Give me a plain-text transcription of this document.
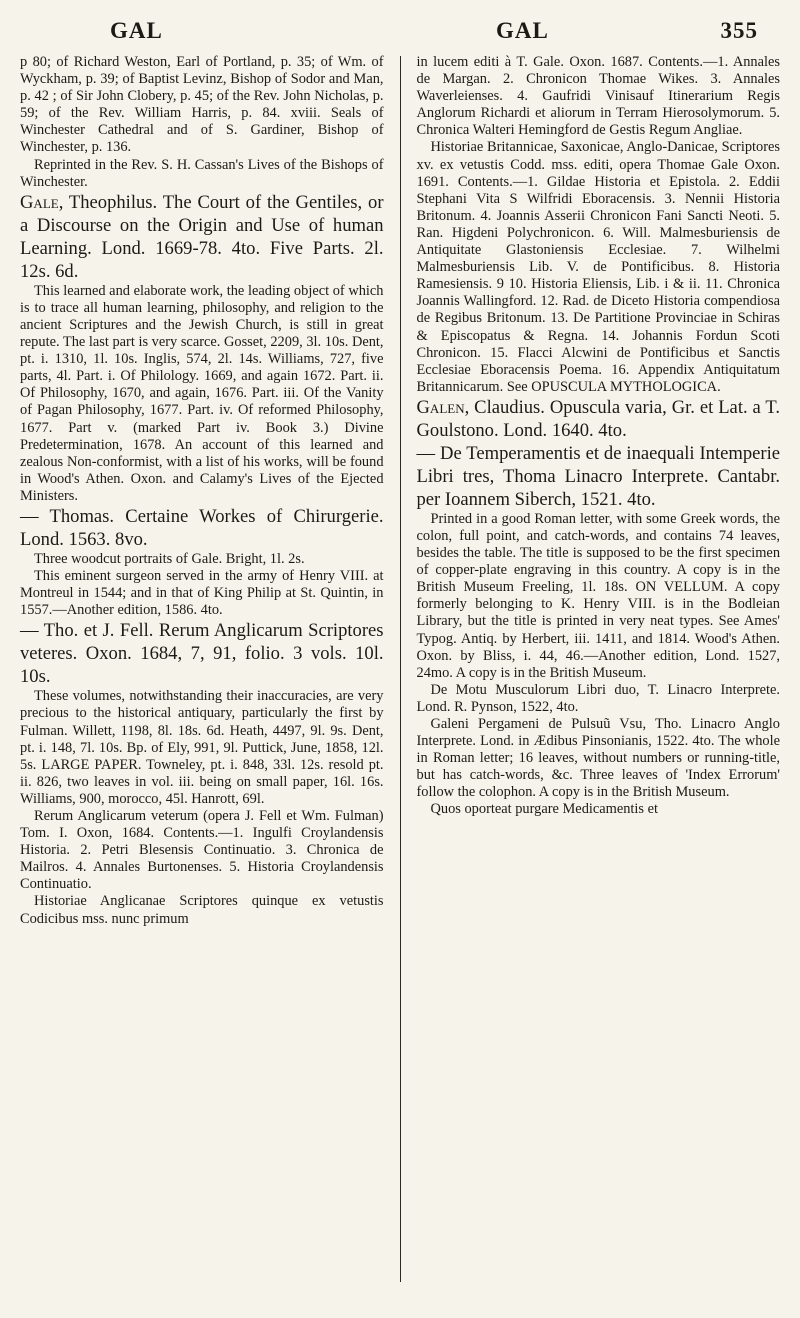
GAL	GAL	355

p 80; of Richard Weston, Earl of Portland, p. 35; of Wm. of Wyckham, p. 39; of Baptist Levinz, Bishop of Sodor and Man, p. 42 ; of Sir John Clobery, p. 45; of the Rev. John Nicholas, p. 59; of the Rev. William Harris, p. 84. xviii. Seals of Winchester Cathedral and of S. Gardiner, Bishop of Winchester, p. 136.

Reprinted in the Rev. S. H. Cassan's Lives of the Bishops of Winchester.

Gale, Theophilus. The Court of the Gentiles, or a Discourse on the Origin and Use of human Learning. Lond. 1669-78. 4to. Five Parts. 2l. 12s. 6d.

This learned and elaborate work, the leading object of which is to trace all human learning, philosophy, and religion to the ancient Scriptures and the Jewish Church, is still in great repute. The last part is very scarce. Gosset, 2209, 3l. 10s. Dent, pt. i. 1310, 1l. 10s. Inglis, 574, 2l. 14s. Williams, 727, five parts, 4l. Part. i. Of Philology. 1669, and again 1672. Part. ii. Of Philosophy, 1670, and again, 1676. Part. iii. Of the Vanity of Pagan Philosophy, 1677. Part. iv. Of reformed Philosophy, 1677. Part v. (marked Part iv. Book 3.) Divine Predetermination, 1678. An account of this learned and zealous Non-conformist, with a list of his works, will be found in Wood's Athen. Oxon. and Calamy's Lives of the Ejected Ministers.

— Thomas. Certaine Workes of Chirurgerie. Lond. 1563. 8vo.

Three woodcut portraits of Gale. Bright, 1l. 2s.

This eminent surgeon served in the army of Henry VIII. at Montreul in 1544; and in that of King Philip at St. Quintin, in 1557.—Another edition, 1586. 4to.

— Tho. et J. Fell. Rerum Anglicarum Scriptores veteres. Oxon. 1684, 7, 91, folio. 3 vols. 10l. 10s.

These volumes, notwithstanding their inaccuracies, are very precious to the historical antiquary, particularly the first by Fulman. Willett, 1198, 8l. 18s. 6d. Heath, 4497, 9l. 9s. Dent, pt. i. 148, 7l. 10s. Bp. of Ely, 991, 9l. Puttick, June, 1858, 12l. 5s. LARGE PAPER. Towneley, pt. i. 848, 33l. 12s. resold pt. ii. 826, two leaves in vol. iii. being on small paper, 16l. 16s. Williams, 900, morocco, 45l. Hanrott, 69l.

Rerum Anglicarum veterum (opera J. Fell et Wm. Fulman) Tom. I. Oxon, 1684. Contents.—1. Ingulfi Croylandensis Historia. 2. Petri Blesensis Continuatio. 3. Chronica de Mailros. 4. Annales Burtonenses. 5. Historia Croylandensis Continuatio.

Historiae Anglicanae Scriptores quinque ex vetustis Codicibus mss. nunc primum

in lucem editi à T. Gale. Oxon. 1687. Contents.—1. Annales de Margan. 2. Chronicon Thomae Wikes. 3. Annales Waverleienses. 4. Gaufridi Vinisauf Itinerarium Regis Anglorum Richardi et aliorum in Terram Hierosolymorum. 5. Chronica Walteri Hemingford de Gestis Regum Angliae.

Historiae Britannicae, Saxonicae, Anglo-Danicae, Scriptores xv. ex vetustis Codd. mss. editi, opera Thomae Gale Oxon. 1691. Contents.—1. Gildae Historia et Epistola. 2. Eddii Stephani Vita S Wilfridi Eboracensis. 3. Nennii Historia Britonum. 4. Joannis Asserii Chronicon Fani Sancti Neoti. 5. Ran. Higdeni Polychronicon. 6. Will. Malmesburiensis de Antiquitate Glastoniensis Ecclesiae. 7. Wilhelmi Malmesburiensis Lib. V. de Pontificibus. 8. Historia Ramesiensis. 9 10. Historia Eliensis, Lib. i & ii. 11. Chronica Joannis Wallingford. 12. Rad. de Diceto Historia compendiosa de Regibus Britonum. 13. De Partitione Provinciae in Schiras & Episcopatus & Regna. 14. Johannis Fordun Scoti Chronicon. 15. Flacci Alcwini de Pontificibus et Sanctis Ecclesiae Eboracensis Poema. 16. Appendix Antiquitatum Britannicarum. See OPUSCULA MYTHOLOGICA.

Galen, Claudius. Opuscula varia, Gr. et Lat. a T. Goulstono. Lond. 1640. 4to.

— De Temperamentis et de inaequali Intemperie Libri tres, Thoma Linacro Interprete. Cantabr. per Ioannem Siberch, 1521. 4to.

Printed in a good Roman letter, with some Greek words, the colon, full point, and catch-words, and contains 74 leaves, besides the table. The title is supposed to be the first specimen of copper-plate engraving in this country. A copy is in the British Museum Freeling, 1l. 18s. ON VELLUM. A copy formerly belonging to K. Henry VIII. is in the Bodleian Library, but the title is printed in very neat types. See Ames' Typog. Antiq. by Herbert, iii. 1411, and 1814. Wood's Athen. Oxon. by Bliss, i. 44, 46.—Another edition, Lond. 1527, 24mo. A copy is in the British Museum.

De Motu Musculorum Libri duo, T. Linacro Interprete. Lond. R. Pynson, 1522, 4to.

Galeni Pergameni de Pulsuũ Vsu, Tho. Linacro Anglo Interprete. Lond. in Ædibus Pinsonianis, 1522. 4to. The whole in Roman letter; 16 leaves, without numbers or running-title, but has catch-words, &c. Three leaves of 'Index Errorum' follow the colophon. A copy is in the British Museum.

Quos oporteat purgare Medicamentis et
